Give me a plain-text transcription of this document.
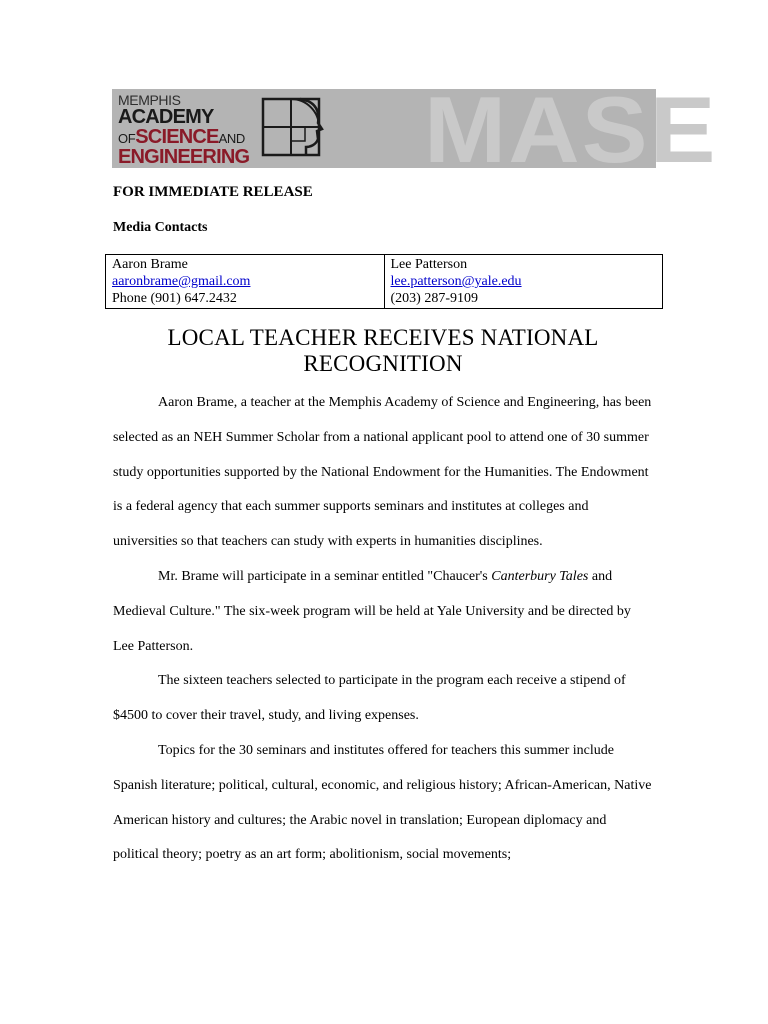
MASE
MEMPHIS
ACADEMY
OFSCIENCEAND
ENGINEERING
FOR IMMEDIATE RELEASE
Media Contacts
Aaron Brame
aaronbrame@gmail.com
Phone (901) 647.2432

Lee Patterson
lee.patterson@yale.edu
(203) 287-9109
LOCAL TEACHER RECEIVES NATIONAL RECOGNITION

Aaron Brame, a teacher at the Memphis Academy of Science and Engineering, has been selected as an NEH Summer Scholar from a national applicant pool to attend one of 30 summer study opportunities supported by the National Endowment for the Humanities. The Endowment is a federal agency that each summer supports seminars and institutes at colleges and universities so that teachers can study with experts in humanities disciplines.

Mr. Brame will participate in a seminar entitled "Chaucer's Canterbury Tales and Medieval Culture." The six-week program will be held at Yale University and be directed by Lee Patterson.

The sixteen teachers selected to participate in the program each receive a stipend of $4500 to cover their travel, study, and living expenses.

Topics for the 30 seminars and institutes offered for teachers this summer include Spanish literature; political, cultural, economic, and religious history; African-American, Native American history and cultures; the Arabic novel in translation; European diplomacy and political theory; poetry as an art form; abolitionism, social movements;
